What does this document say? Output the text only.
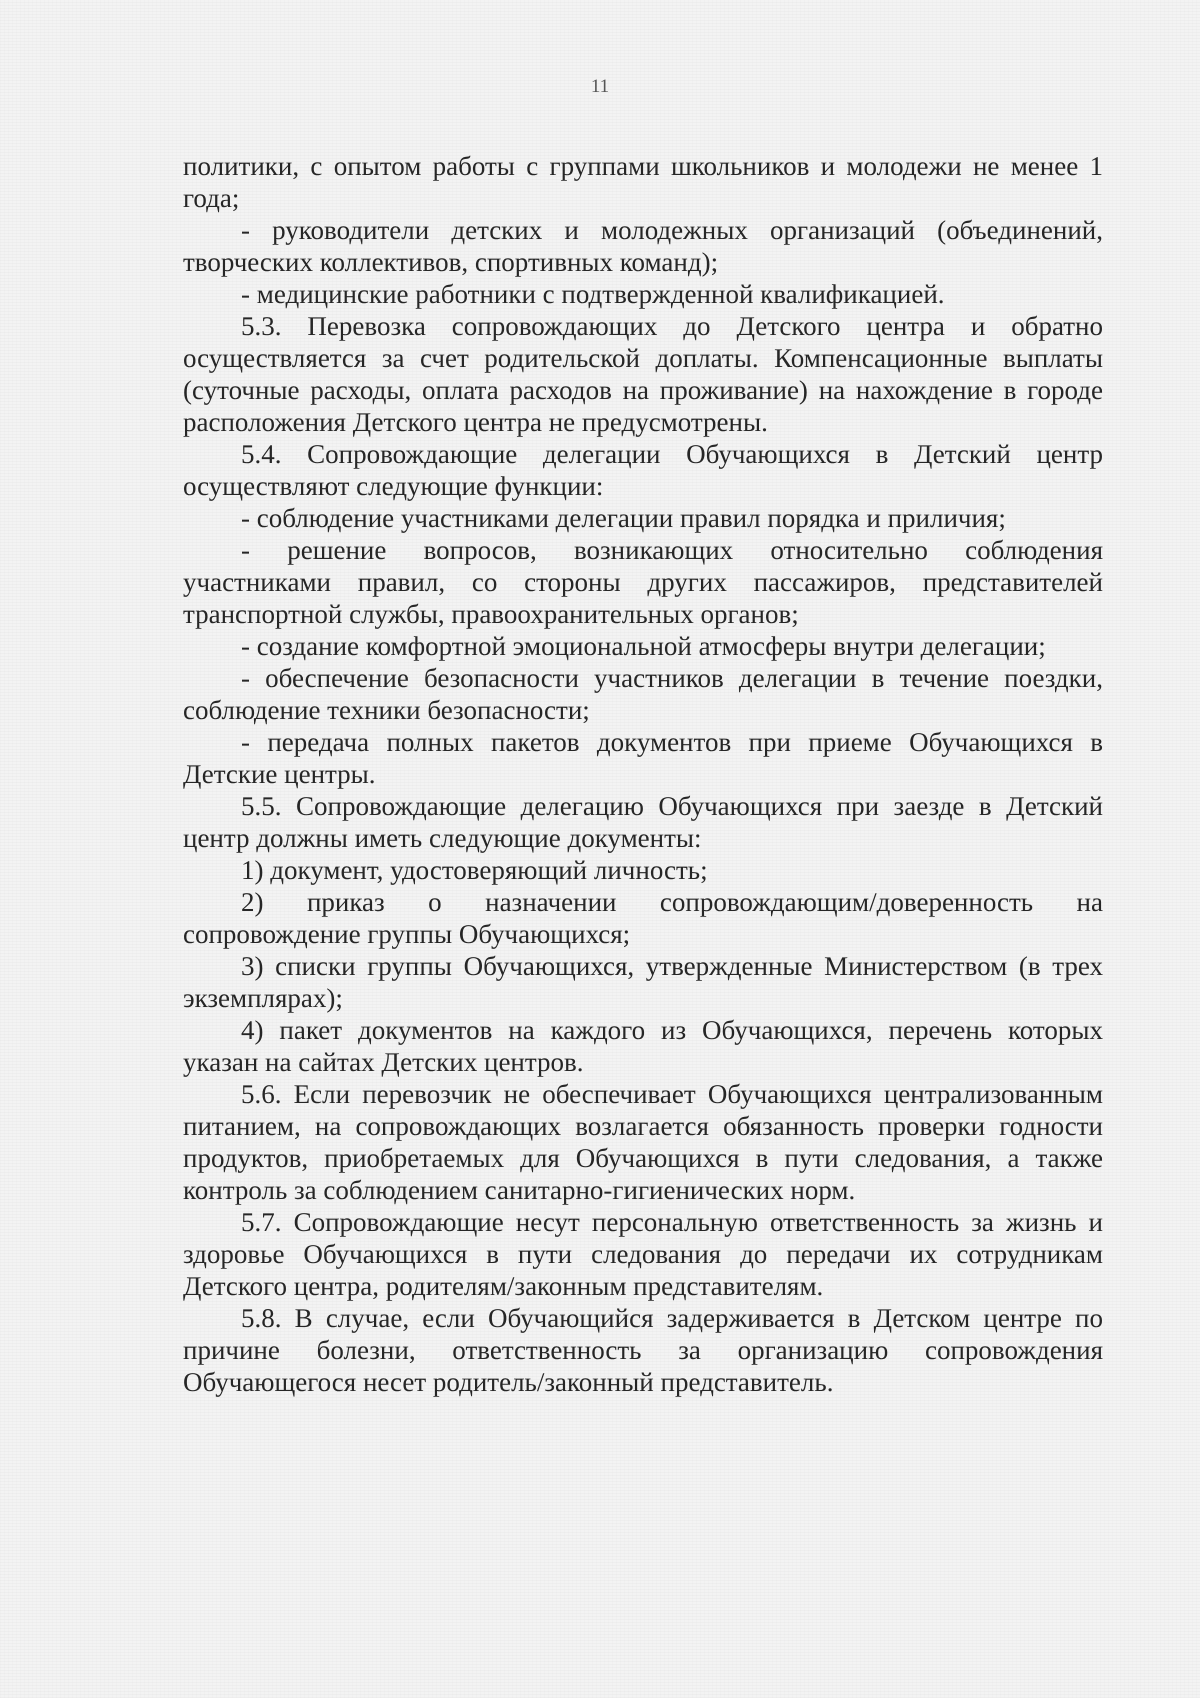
11

политики, с опытом работы с группами школьников и молодежи не менее 1 года;

- руководители детских и молодежных организаций (объединений, творческих коллективов, спортивных команд);

- медицинские работники с подтвержденной квалификацией.

5.3. Перевозка сопровождающих до Детского центра и обратно осуществляется за счет родительской доплаты. Компенсационные выплаты (суточные расходы, оплата расходов на проживание) на нахождение в городе расположения Детского центра не предусмотрены.

5.4. Сопровождающие делегации Обучающихся в Детский центр осуществляют следующие функции:

- соблюдение участниками делегации правил порядка и приличия;

- решение вопросов, возникающих относительно соблюдения участниками правил, со стороны других пассажиров, представителей транспортной службы, правоохранительных органов;

- создание комфортной эмоциональной атмосферы внутри делегации;

- обеспечение безопасности участников делегации в течение поездки, соблюдение техники безопасности;

- передача полных пакетов документов при приеме Обучающихся в Детские центры.

5.5. Сопровождающие делегацию Обучающихся при заезде в Детский центр должны иметь следующие документы:

1) документ, удостоверяющий личность;

2) приказ о назначении сопровождающим/доверенность на сопровождение группы Обучающихся;

3) списки группы Обучающихся, утвержденные Министерством (в трех экземплярах);

4) пакет документов на каждого из Обучающихся, перечень которых указан на сайтах Детских центров.

5.6. Если перевозчик не обеспечивает Обучающихся централизованным питанием, на сопровождающих возлагается обязанность проверки годности продуктов, приобретаемых для Обучающихся в пути следования, а также контроль за соблюдением санитарно-гигиенических норм.

5.7. Сопровождающие несут персональную ответственность за жизнь и здоровье Обучающихся в пути следования до передачи их сотрудникам Детского центра, родителям/законным представителям.

5.8. В случае, если Обучающийся задерживается в Детском центре по причине болезни, ответственность за организацию сопровождения Обучающегося несет родитель/законный представитель.
